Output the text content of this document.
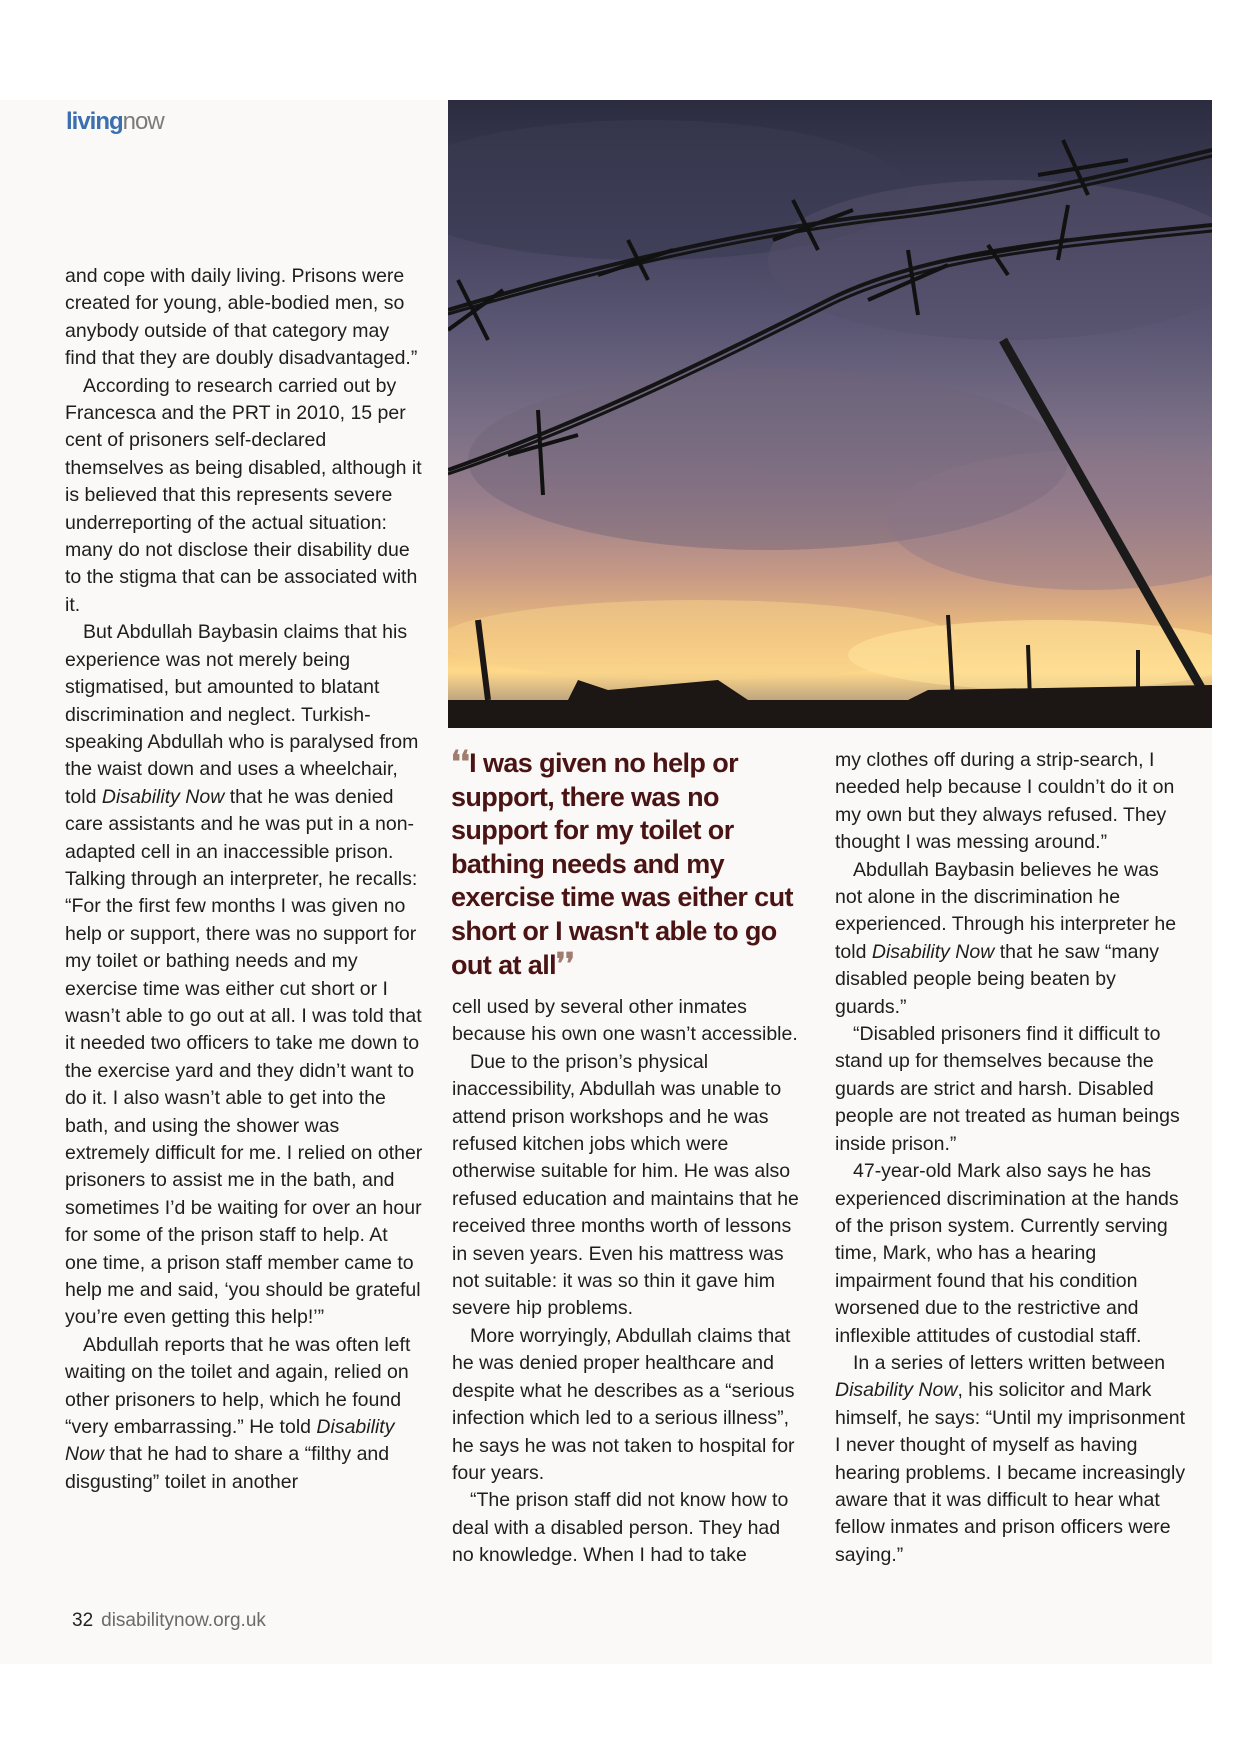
livingnow

and cope with daily living. Prisons were created for young, able-bodied men, so anybody outside of that category may find that they are doubly disadvantaged.”

According to research carried out by Francesca and the PRT in 2010, 15 per cent of prisoners self-declared themselves as being disabled, although it is believed that this represents severe underreporting of the actual situation: many do not disclose their disability due to the stigma that can be associated with it.

But Abdullah Baybasin claims that his experience was not merely being stigmatised, but amounted to blatant discrimination and neglect. Turkish-speaking Abdullah who is paralysed from the waist down and uses a wheelchair, told Disability Now that he was denied care assistants and he was put in a non-adapted cell in an inaccessible prison. Talking through an interpreter, he recalls: “For the first few months I was given no help or support, there was no support for my toilet or bathing needs and my exercise time was either cut short or I wasn’t able to go out at all. I was told that it needed two officers to take me down to the exercise yard and they didn’t want to do it. I also wasn’t able to get into the bath, and using the shower was extremely difficult for me. I relied on other prisoners to assist me in the bath, and sometimes I’d be waiting for over an hour for some of the prison staff to help. At one time, a prison staff member came to help me and said, ‘you should be grateful you’re even getting this help!’”

Abdullah reports that he was often left waiting on the toilet and again, relied on other prisoners to help, which he found “very embarrassing.” He told Disability Now that he had to share a “filthy and disgusting” toilet in another

❛❛I was given no help or support, there was no support for my toilet or bathing needs and my exercise time was either cut short or I wasn't able to go out at all❜❜

cell used by several other inmates because his own one wasn’t accessible.

Due to the prison’s physical inaccessibility, Abdullah was unable to attend prison workshops and he was refused kitchen jobs which were otherwise suitable for him. He was also refused education and maintains that he received three months worth of lessons in seven years. Even his mattress was not suitable: it was so thin it gave him severe hip problems.

More worryingly, Abdullah claims that he was denied proper healthcare and despite what he describes as a “serious infection which led to a serious illness”, he says he was not taken to hospital for four years.

“The prison staff did not know how to deal with a disabled person. They had no knowledge. When I had to take

my clothes off during a strip-search, I needed help because I couldn’t do it on my own but they always refused. They thought I was messing around.”

Abdullah Baybasin believes he was not alone in the discrimination he experienced. Through his interpreter he told Disability Now that he saw “many disabled people being beaten by guards.”

“Disabled prisoners find it difficult to stand up for themselves because the guards are strict and harsh. Disabled people are not treated as human beings inside prison.”

47-year-old Mark also says he has experienced discrimination at the hands of the prison system. Currently serving time, Mark, who has a hearing impairment found that his condition worsened due to the restrictive and inflexible attitudes of custodial staff.

In a series of letters written between Disability Now, his solicitor and Mark himself, he says: “Until my imprisonment I never thought of myself as having hearing problems. I became increasingly aware that it was difficult to hear what fellow inmates and prison officers were saying.”

32 disabilitynow.org.uk
